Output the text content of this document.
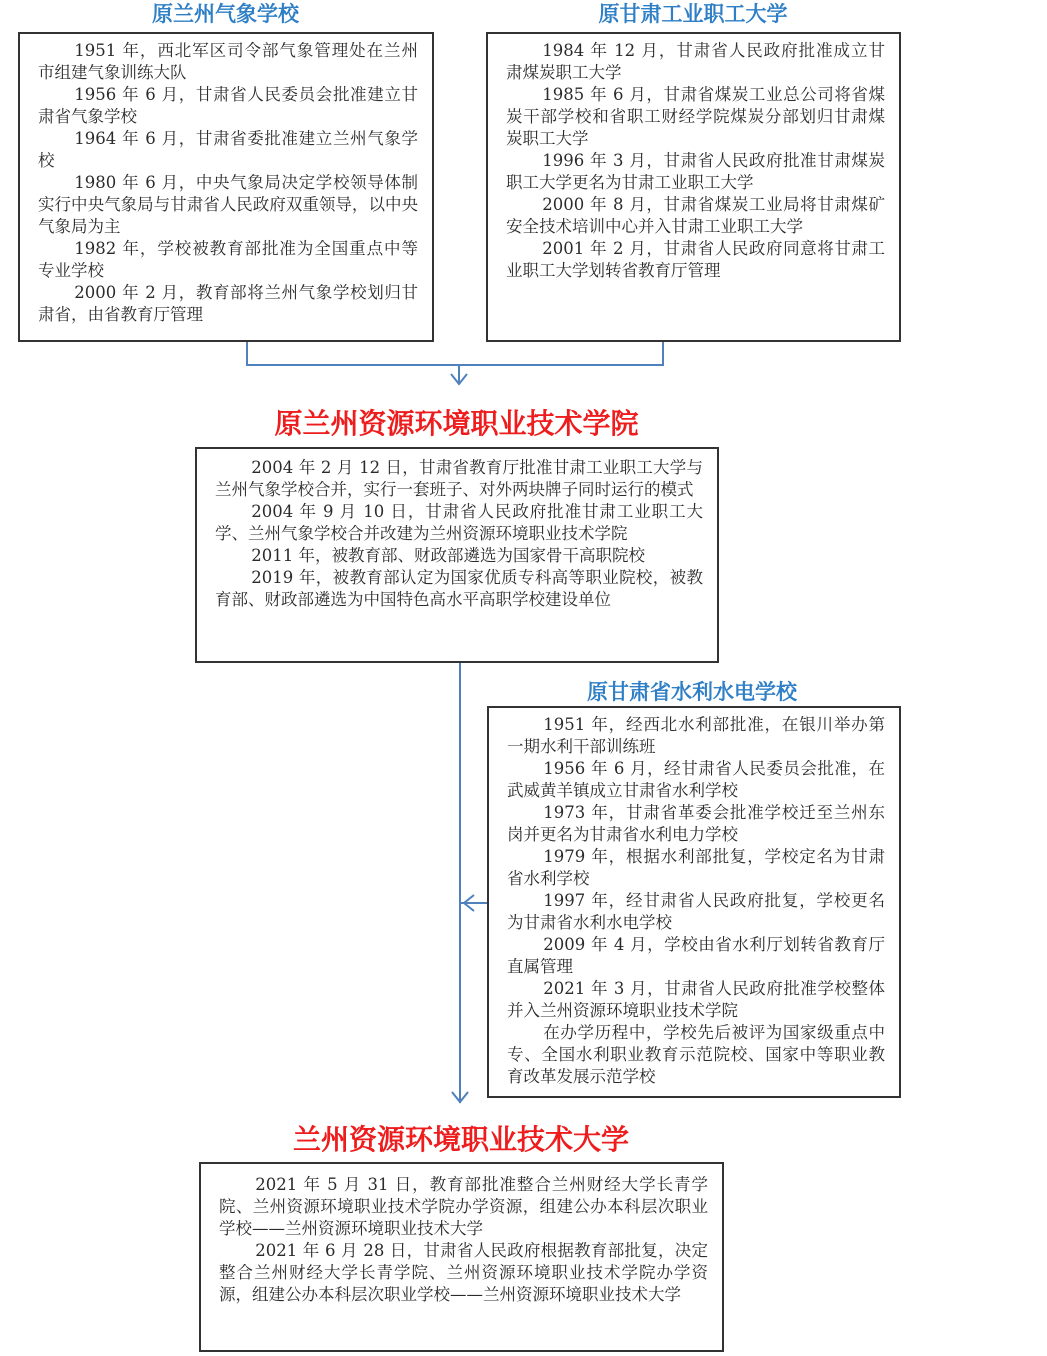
原兰州气象学校

1951 年，西北军区司令部气象管理处在兰州市组建气象训练大队

1956 年 6 月，甘肃省人民委员会批准建立甘肃省气象学校

1964 年 6 月，甘肃省委批准建立兰州气象学校

1980 年 6 月，中央气象局决定学校领导体制实行中央气象局与甘肃省人民政府双重领导，以中央气象局为主

1982 年，学校被教育部批准为全国重点中等专业学校

2000 年 2 月，教育部将兰州气象学校划归甘肃省，由省教育厅管理

原甘肃工业职工大学

1984 年 12 月，甘肃省人民政府批准成立甘肃煤炭职工大学

1985 年 6 月，甘肃省煤炭工业总公司将省煤炭干部学校和省职工财经学院煤炭分部划归甘肃煤炭职工大学

1996 年 3 月，甘肃省人民政府批准甘肃煤炭职工大学更名为甘肃工业职工大学

2000 年 8 月，甘肃省煤炭工业局将甘肃煤矿安全技术培训中心并入甘肃工业职工大学

2001 年 2 月，甘肃省人民政府同意将甘肃工业职工大学划转省教育厅管理

原兰州资源环境职业技术学院

2004 年 2 月 12 日，甘肃省教育厅批准甘肃工业职工大学与兰州气象学校合并，实行一套班子、对外两块牌子同时运行的模式

2004 年 9 月 10 日，甘肃省人民政府批准甘肃工业职工大学、兰州气象学校合并改建为兰州资源环境职业技术学院

2011 年，被教育部、财政部遴选为国家骨干高职院校

2019 年，被教育部认定为国家优质专科高等职业院校，被教育部、财政部遴选为中国特色高水平高职学校建设单位

原甘肃省水利水电学校

1951 年，经西北水利部批准，在银川举办第一期水利干部训练班

1956 年 6 月，经甘肃省人民委员会批准，在武威黄羊镇成立甘肃省水利学校

1973 年，甘肃省革委会批准学校迁至兰州东岗并更名为甘肃省水利电力学校

1979 年，根据水利部批复，学校定名为甘肃省水利学校

1997 年，经甘肃省人民政府批复，学校更名为甘肃省水利水电学校

2009 年 4 月，学校由省水利厅划转省教育厅直属管理

2021 年 3 月，甘肃省人民政府批准学校整体并入兰州资源环境职业技术学院

在办学历程中，学校先后被评为国家级重点中专、全国水利职业教育示范院校、国家中等职业教育改革发展示范学校

兰州资源环境职业技术大学

2021 年 5 月 31 日，教育部批准整合兰州财经大学长青学院、兰州资源环境职业技术学院办学资源，组建公办本科层次职业学校——兰州资源环境职业技术大学

2021 年 6 月 28 日，甘肃省人民政府根据教育部批复，决定整合兰州财经大学长青学院、兰州资源环境职业技术学院办学资源，组建公办本科层次职业学校——兰州资源环境职业技术大学
